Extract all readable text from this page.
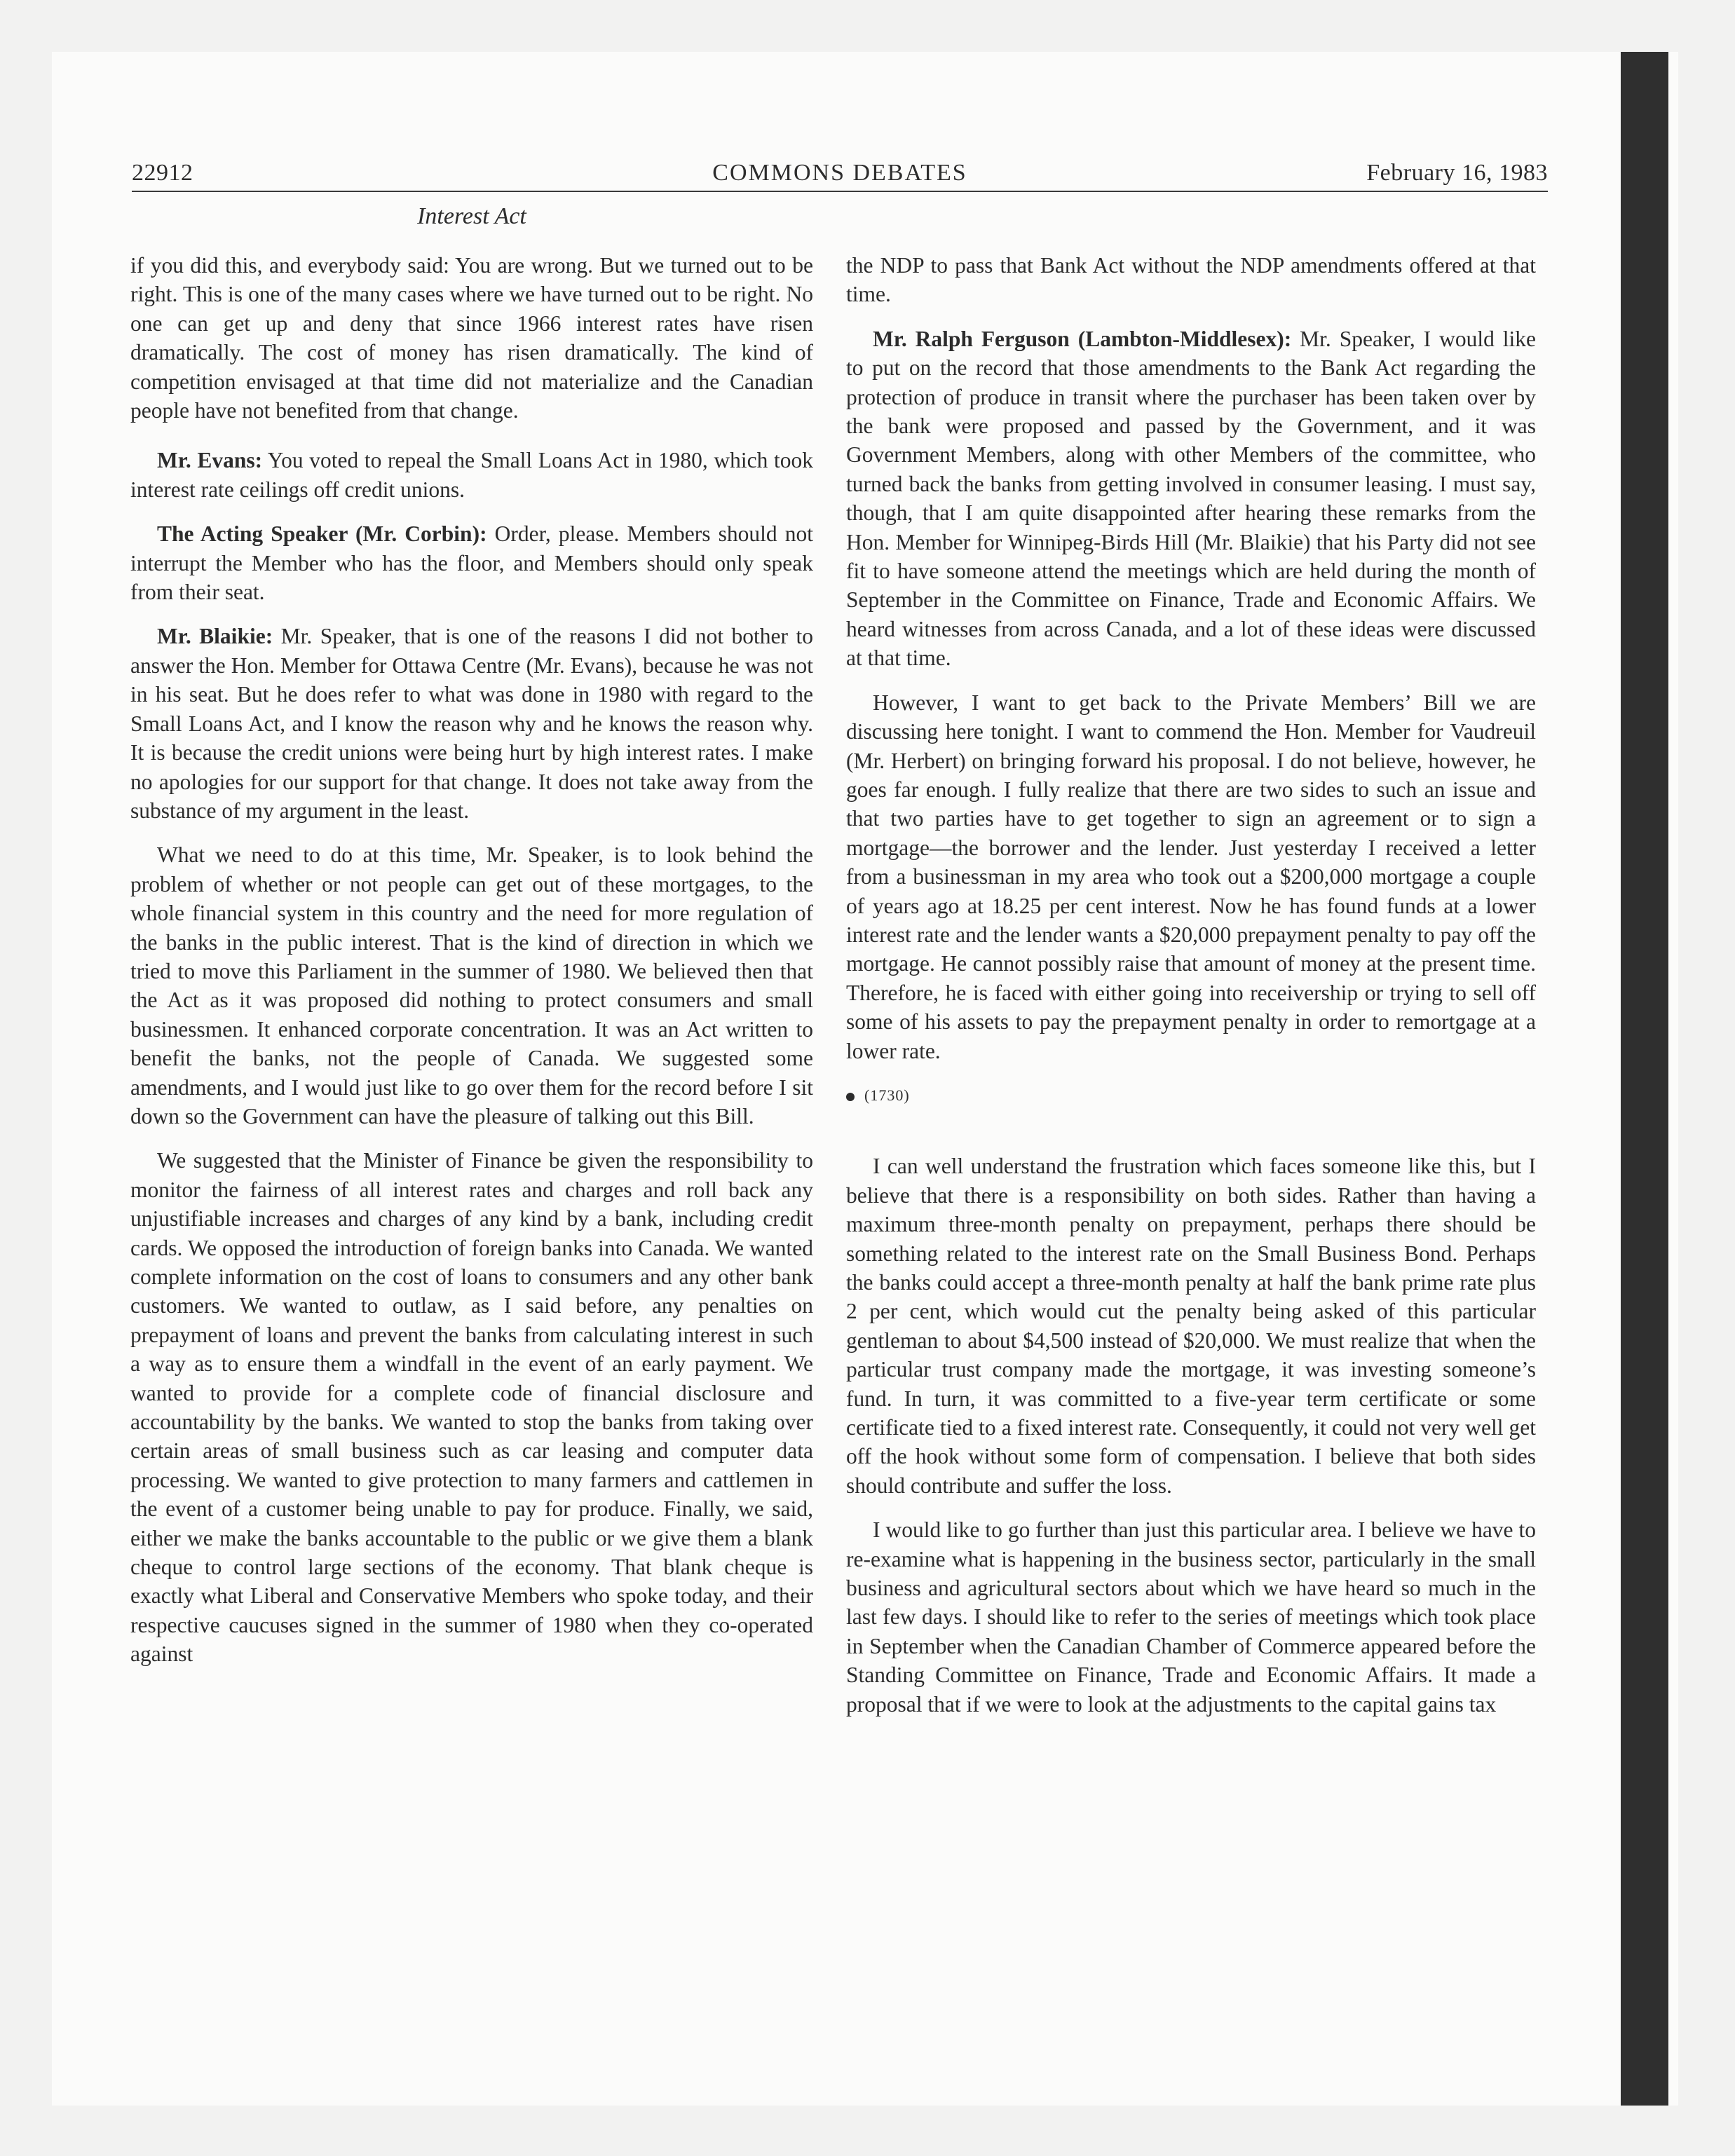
22912	COMMONS DEBATES	February 16, 1983
Interest Act

if you did this, and everybody said: You are wrong. But we turned out to be right. This is one of the many cases where we have turned out to be right. No one can get up and deny that since 1966 interest rates have risen dramatically. The cost of money has risen dramatically. The kind of competition envisaged at that time did not materialize and the Canadian people have not benefited from that change.

Mr. Evans: You voted to repeal the Small Loans Act in 1980, which took interest rate ceilings off credit unions.

The Acting Speaker (Mr. Corbin): Order, please. Members should not interrupt the Member who has the floor, and Members should only speak from their seat.

Mr. Blaikie: Mr. Speaker, that is one of the reasons I did not bother to answer the Hon. Member for Ottawa Centre (Mr. Evans), because he was not in his seat. But he does refer to what was done in 1980 with regard to the Small Loans Act, and I know the reason why and he knows the reason why. It is because the credit unions were being hurt by high interest rates. I make no apologies for our support for that change. It does not take away from the substance of my argument in the least.

What we need to do at this time, Mr. Speaker, is to look behind the problem of whether or not people can get out of these mortgages, to the whole financial system in this country and the need for more regulation of the banks in the public interest. That is the kind of direction in which we tried to move this Parliament in the summer of 1980. We believed then that the Act as it was proposed did nothing to protect consumers and small businessmen. It enhanced corporate concentration. It was an Act written to benefit the banks, not the people of Canada. We suggested some amendments, and I would just like to go over them for the record before I sit down so the Government can have the pleasure of talking out this Bill.

We suggested that the Minister of Finance be given the responsibility to monitor the fairness of all interest rates and charges and roll back any unjustifiable increases and charges of any kind by a bank, including credit cards. We opposed the introduction of foreign banks into Canada. We wanted complete information on the cost of loans to consumers and any other bank customers. We wanted to outlaw, as I said before, any penalties on prepayment of loans and prevent the banks from calculating interest in such a way as to ensure them a windfall in the event of an early payment. We wanted to provide for a complete code of financial disclosure and accountability by the banks. We wanted to stop the banks from taking over certain areas of small business such as car leasing and computer data processing. We wanted to give protection to many farmers and cattlemen in the event of a customer being unable to pay for produce. Finally, we said, either we make the banks accountable to the public or we give them a blank cheque to control large sections of the economy. That blank cheque is exactly what Liberal and Conservative Members who spoke today, and their respective caucuses signed in the summer of 1980 when they co-operated against

the NDP to pass that Bank Act without the NDP amendments offered at that time.

Mr. Ralph Ferguson (Lambton-Middlesex): Mr. Speaker, I would like to put on the record that those amendments to the Bank Act regarding the protection of produce in transit where the purchaser has been taken over by the bank were proposed and passed by the Government, and it was Government Members, along with other Members of the committee, who turned back the banks from getting involved in consumer leasing. I must say, though, that I am quite disappointed after hearing these remarks from the Hon. Member for Winnipeg-Birds Hill (Mr. Blaikie) that his Party did not see fit to have someone attend the meetings which are held during the month of September in the Committee on Finance, Trade and Economic Affairs. We heard witnesses from across Canada, and a lot of these ideas were discussed at that time.

However, I want to get back to the Private Members’ Bill we are discussing here tonight. I want to commend the Hon. Member for Vaudreuil (Mr. Herbert) on bringing forward his proposal. I do not believe, however, he goes far enough. I fully realize that there are two sides to such an issue and that two parties have to get together to sign an agreement or to sign a mortgage—the borrower and the lender. Just yesterday I received a letter from a businessman in my area who took out a $200,000 mortgage a couple of years ago at 18.25 per cent interest. Now he has found funds at a lower interest rate and the lender wants a $20,000 prepayment penalty to pay off the mortgage. He cannot possibly raise that amount of money at the present time. Therefore, he is faced with either going into receivership or trying to sell off some of his assets to pay the prepayment penalty in order to remortgage at a lower rate.

(1730)

I can well understand the frustration which faces someone like this, but I believe that there is a responsibility on both sides. Rather than having a maximum three-month penalty on prepayment, perhaps there should be something related to the interest rate on the Small Business Bond. Perhaps the banks could accept a three-month penalty at half the bank prime rate plus 2 per cent, which would cut the penalty being asked of this particular gentleman to about $4,500 instead of $20,000. We must realize that when the particular trust company made the mortgage, it was investing someone’s fund. In turn, it was committed to a five-year term certificate or some certificate tied to a fixed interest rate. Consequently, it could not very well get off the hook without some form of compensation. I believe that both sides should contribute and suffer the loss.

I would like to go further than just this particular area. I believe we have to re-examine what is happening in the business sector, particularly in the small business and agricultural sectors about which we have heard so much in the last few days. I should like to refer to the series of meetings which took place in September when the Canadian Chamber of Commerce appeared before the Standing Committee on Finance, Trade and Economic Affairs. It made a proposal that if we were to look at the adjustments to the capital gains tax
